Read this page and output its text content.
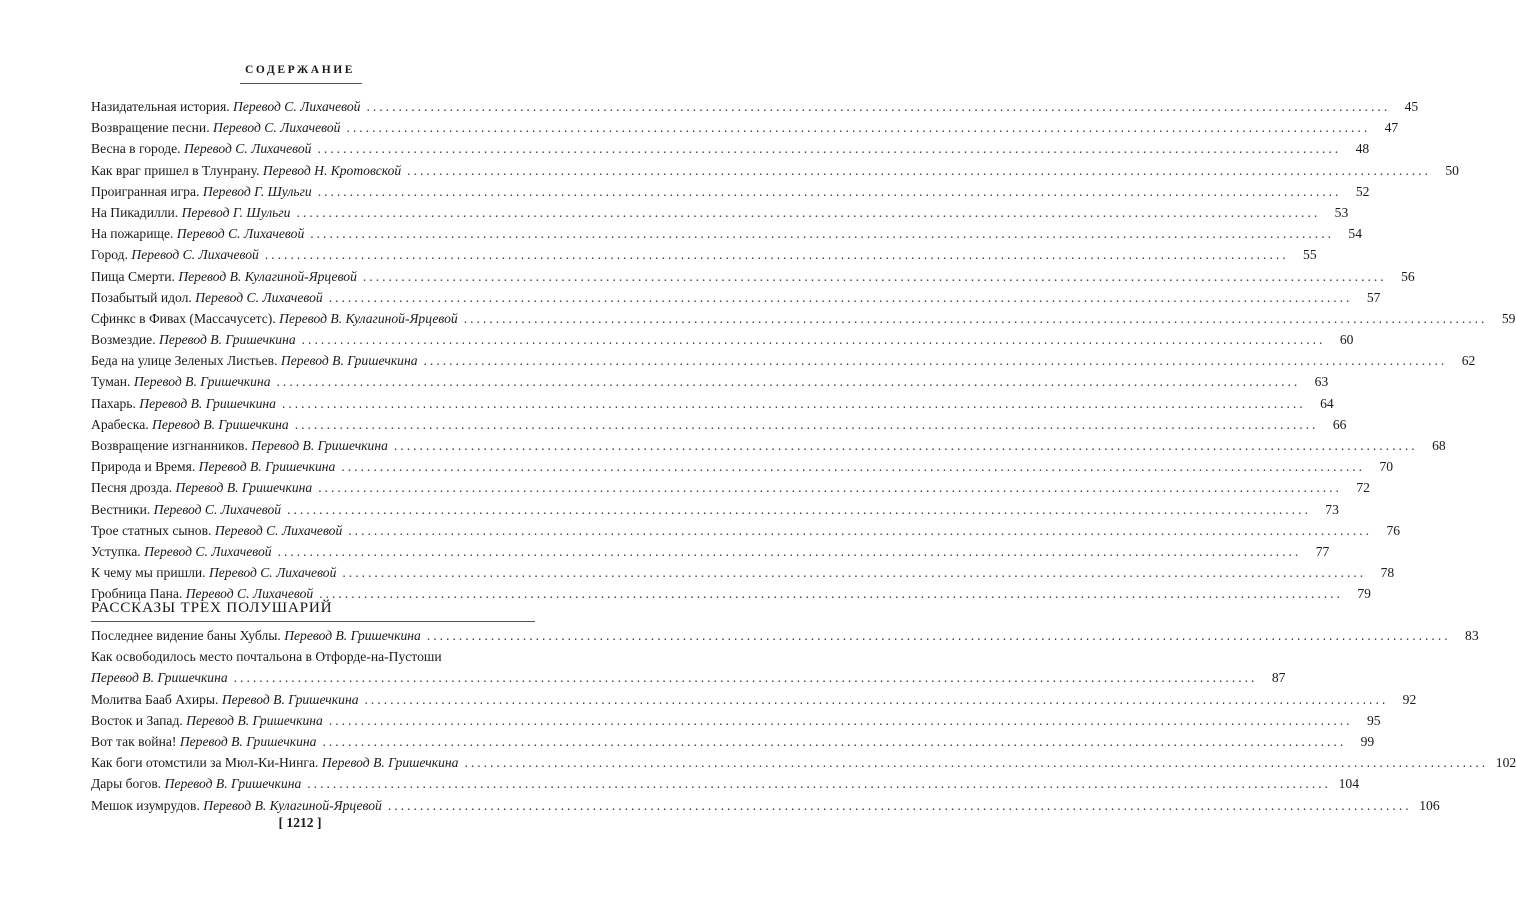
СОДЕРЖАНИЕ
Назидательная история. Перевод С. Лихачевой ................................................................................................................................................................	45
Возвращение песни. Перевод С. Лихачевой ................................................................................................................................................................	47
Весна в городе. Перевод С. Лихачевой ................................................................................................................................................................	48
Как враг пришел в Тлунрану. Перевод Н. Кротовской ................................................................................................................................................................	50
Проигранная игра. Перевод Г. Шульги ................................................................................................................................................................	52
На Пикадилли. Перевод Г. Шульги ................................................................................................................................................................	53
На пожарище. Перевод С. Лихачевой ................................................................................................................................................................	54
Город. Перевод С. Лихачевой ................................................................................................................................................................	55
Пища Смерти. Перевод В. Кулагиной-Ярцевой ................................................................................................................................................................	56
Позабытый идол. Перевод С. Лихачевой ................................................................................................................................................................	57
Сфинкс в Фивах (Массачусетс). Перевод В. Кулагиной-Ярцевой ................................................................................................................................................................	59
Возмездие. Перевод В. Гришечкина ................................................................................................................................................................	60
Беда на улице Зеленых Листьев. Перевод В. Гришечкина ................................................................................................................................................................	62
Туман. Перевод В. Гришечкина ................................................................................................................................................................	63
Пахарь. Перевод В. Гришечкина ................................................................................................................................................................	64
Арабеска. Перевод В. Гришечкина ................................................................................................................................................................	66
Возвращение изгнанников. Перевод В. Гришечкина ................................................................................................................................................................	68
Природа и Время. Перевод В. Гришечкина ................................................................................................................................................................	70
Песня дрозда. Перевод В. Гришечкина ................................................................................................................................................................	72
Вестники. Перевод С. Лихачевой ................................................................................................................................................................	73
Трое статных сынов. Перевод С. Лихачевой ................................................................................................................................................................	76
Уступка. Перевод С. Лихачевой ................................................................................................................................................................	77
К чему мы пришли. Перевод С. Лихачевой ................................................................................................................................................................	78
Гробница Пана. Перевод С. Лихачевой ................................................................................................................................................................	79
РАССКАЗЫ ТРЕХ ПОЛУШАРИЙ
Последнее видение баны Хублы. Перевод В. Гришечкина ................................................................................................................................................................	83
Как освободилось место почтальона в Отфорде-на-Пустоши
Перевод В. Гришечкина ................................................................................................................................................................	87
Молитва Бааб Ахиры. Перевод В. Гришечкина ................................................................................................................................................................	92
Восток и Запад. Перевод В. Гришечкина ................................................................................................................................................................	95
Вот так война! Перевод В. Гришечкина ................................................................................................................................................................	99
Как боги отомстили за Мюл-Ки-Нинга. Перевод В. Гришечкина ................................................................................................................................................................ 102
Дары богов. Перевод В. Гришечкина ................................................................................................................................................................ 104
Мешок изумрудов. Перевод В. Кулагиной-Ярцевой ................................................................................................................................................................ 106
[ 1212 ]
